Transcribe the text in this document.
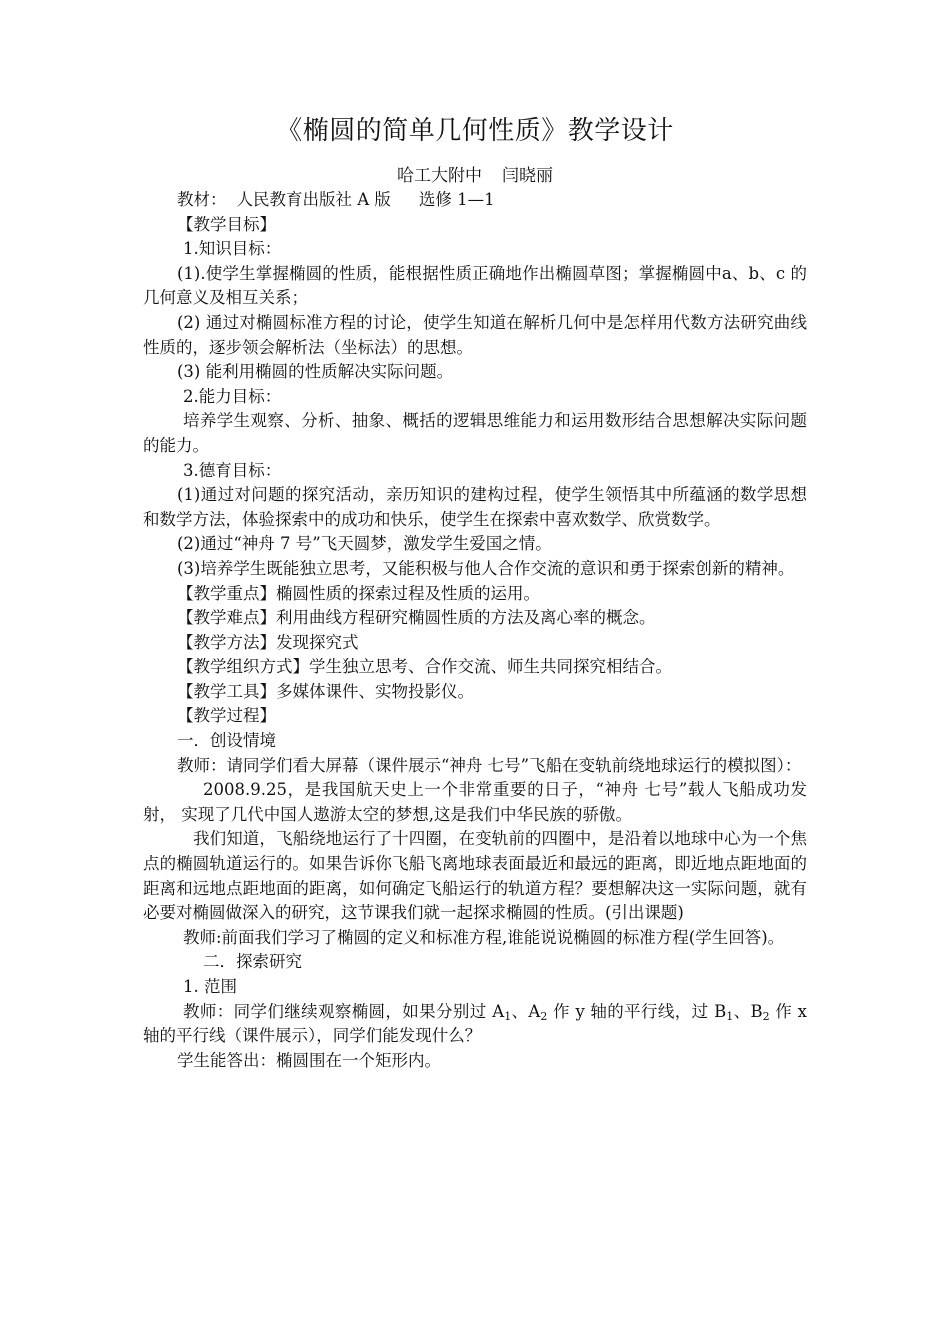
《椭圆的简单几何性质》教学设计
哈工大附中 闫晓丽

教材： 人民教育出版社 A 版 选修 1—1

【教学目标】

1.知识目标：

(1).使学生掌握椭圆的性质，能根据性质正确地作出椭圆草图；掌握椭圆中a、b、c 的几何意义及相互关系；

(2) 通过对椭圆标准方程的讨论，使学生知道在解析几何中是怎样用代数方法研究曲线性质的，逐步领会解析法（坐标法）的思想。

(3) 能利用椭圆的性质解决实际问题。

2.能力目标：

培养学生观察、分析、抽象、概括的逻辑思维能力和运用数形结合思想解决实际问题的能力。

3.德育目标：

(1)通过对问题的探究活动，亲历知识的建构过程，使学生领悟其中所蕴涵的数学思想和数学方法，体验探索中的成功和快乐，使学生在探索中喜欢数学、欣赏数学。

(2)通过“神舟 7 号”飞天圆梦，激发学生爱国之情。

(3)培养学生既能独立思考，又能积极与他人合作交流的意识和勇于探索创新的精神。

【教学重点】椭圆性质的探索过程及性质的运用。

【教学难点】利用曲线方程研究椭圆性质的方法及离心率的概念。

【教学方法】发现探究式

【教学组织方式】学生独立思考、合作交流、师生共同探究相结合。

【教学工具】多媒体课件、实物投影仪。

【教学过程】

一．创设情境

教师：请同学们看大屏幕（课件展示“神舟 七号”飞船在变轨前绕地球运行的模拟图）：

2008.9.25，是我国航天史上一个非常重要的日子，“神舟 七号”载人飞船成功发射， 实现了几代中国人遨游太空的梦想,这是我们中华民族的骄傲。

我们知道，飞船绕地运行了十四圈，在变轨前的四圈中，是沿着以地球中心为一个焦点的椭圆轨道运行的。如果告诉你飞船飞离地球表面最近和最远的距离，即近地点距地面的距离和远地点距地面的距离，如何确定飞船运行的轨道方程？要想解决这一实际问题，就有必要对椭圆做深入的研究，这节课我们就一起探求椭圆的性质。(引出课题)

教师:前面我们学习了椭圆的定义和标准方程,谁能说说椭圆的标准方程(学生回答)。

二．探索研究

1. 范围

教师：同学们继续观察椭圆，如果分别过 $A_1$、$A_2$ 作 y 轴的平行线，过 $B_1$、$B_2$ 作 x 轴的平行线（课件展示），同学们能发现什么？

学生能答出：椭圆围在一个矩形内。
